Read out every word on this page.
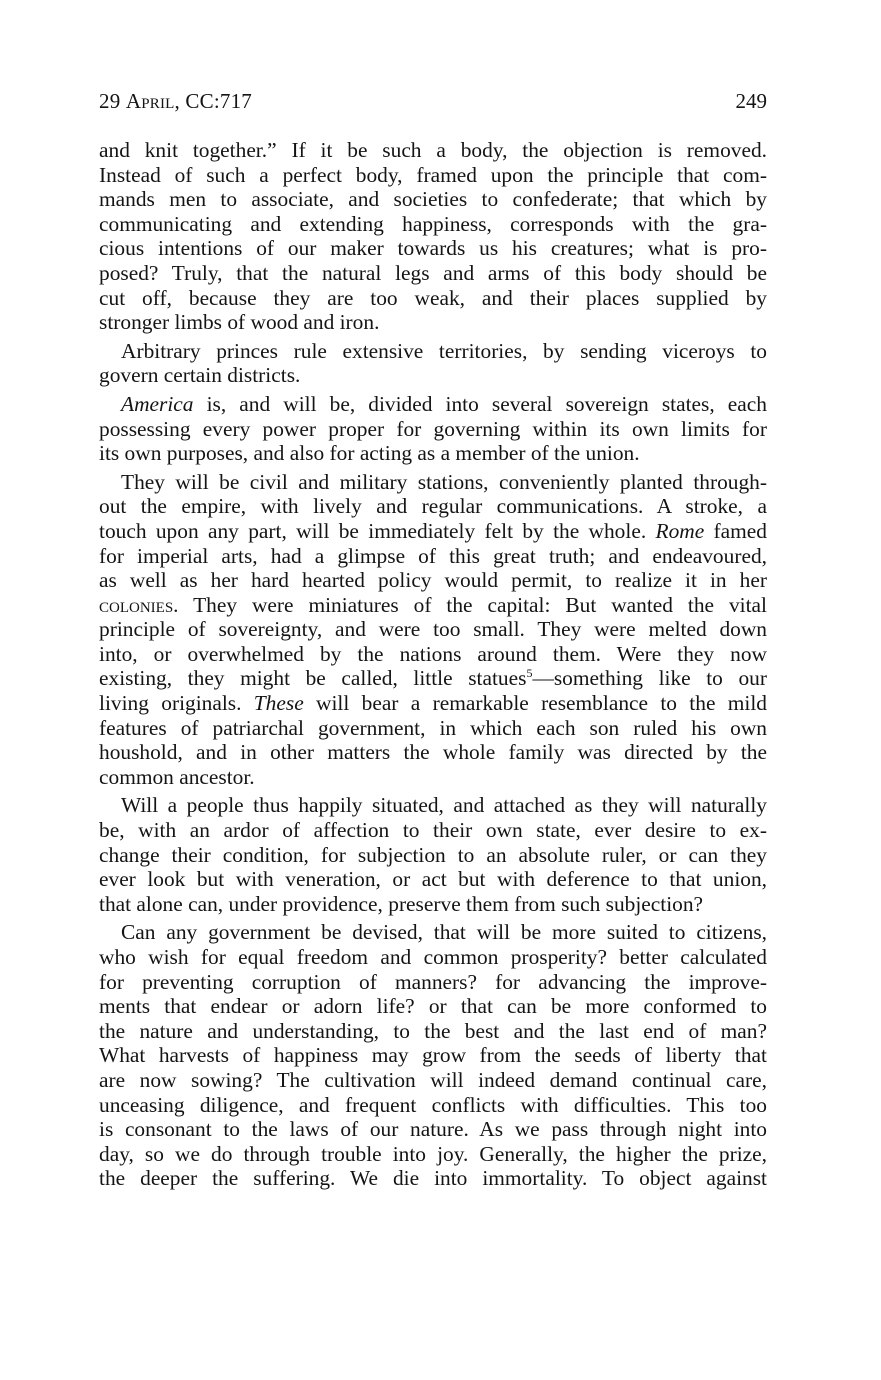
29 April, CC:717	249
and knit together.” If it be such a body, the objection is removed.
Instead of such a perfect body, framed upon the principle that com-
mands men to associate, and societies to confederate; that which by
communicating and extending happiness, corresponds with the gra-
cious intentions of our maker towards us his creatures; what is pro-
posed? Truly, that the natural legs and arms of this body should be
cut off, because they are too weak, and their places supplied by
stronger limbs of wood and iron.
Arbitrary princes rule extensive territories, by sending viceroys to
govern certain districts.
America is, and will be, divided into several sovereign states, each
possessing every power proper for governing within its own limits for
its own purposes, and also for acting as a member of the union.
They will be civil and military stations, conveniently planted through-
out the empire, with lively and regular communications. A stroke, a
touch upon any part, will be immediately felt by the whole. Rome famed
for imperial arts, had a glimpse of this great truth; and endeavoured,
as well as her hard hearted policy would permit, to realize it in her
colonies. They were miniatures of the capital: But wanted the vital
principle of sovereignty, and were too small. They were melted down
into, or overwhelmed by the nations around them. Were they now
existing, they might be called, little statues$^5$—something like to our
living originals. These will bear a remarkable resemblance to the mild
features of patriarchal government, in which each son ruled his own
houshold, and in other matters the whole family was directed by the
common ancestor.
Will a people thus happily situated, and attached as they will naturally
be, with an ardor of affection to their own state, ever desire to ex-
change their condition, for subjection to an absolute ruler, or can they
ever look but with veneration, or act but with deference to that union,
that alone can, under providence, preserve them from such subjection?
Can any government be devised, that will be more suited to citizens,
who wish for equal freedom and common prosperity? better calculated
for preventing corruption of manners? for advancing the improve-
ments that endear or adorn life? or that can be more conformed to
the nature and understanding, to the best and the last end of man?
What harvests of happiness may grow from the seeds of liberty that
are now sowing? The cultivation will indeed demand continual care,
unceasing diligence, and frequent conflicts with difficulties. This too
is consonant to the laws of our nature. As we pass through night into
day, so we do through trouble into joy. Generally, the higher the prize,
the deeper the suffering. We die into immortality. To object against
